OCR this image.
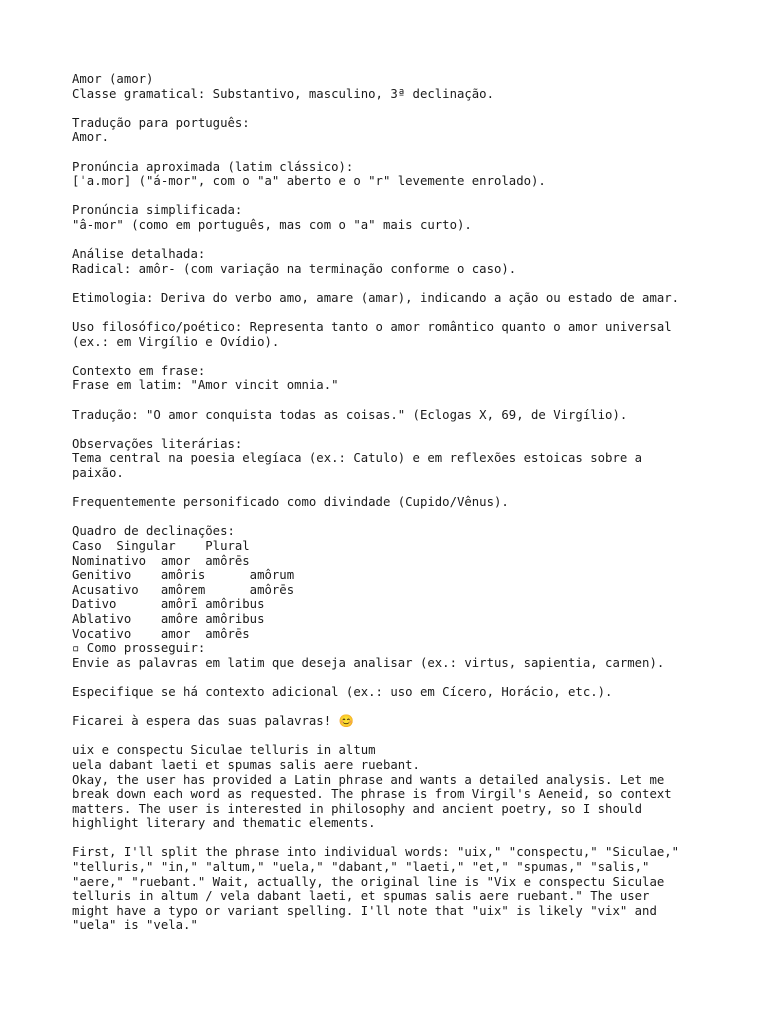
Amor (amor)
Classe gramatical: Substantivo, masculino, 3ª declinação.
Tradução para português:
Amor.
Pronúncia aproximada (latim clássico):
[ˈa.mor] ("á-mor", com o "a" aberto e o "r" levemente enrolado).
Pronúncia simplificada:
"â-mor" (como em português, mas com o "a" mais curto).
Análise detalhada:
Radical: amôr- (com variação na terminação conforme o caso).
Etimologia: Deriva do verbo amo, amare (amar), indicando a ação ou estado de amar.
Uso filosófico/poético: Representa tanto o amor romântico quanto o amor universal
(ex.: em Virgílio e Ovídio).
Contexto em frase:
Frase em latim: "Amor vincit omnia."
Tradução: "O amor conquista todas as coisas." (Eclogas X, 69, de Virgílio).
Observações literárias:
Tema central na poesia elegíaca (ex.: Catulo) e em reflexões estoicas sobre a
paixão.
Frequentemente personificado como divindade (Cupido/Vênus).
Quadro de declinações:
Caso  Singular    Plural
Nominativo  amor  amôrēs
Genitivo    amôris      amôrum
Acusativo   amôrem      amôrēs
Dativo      amôrī amôribus
Ablativo    amôre amôribus
Vocativo    amor  amôrēs
▫ Como prosseguir:
Envie as palavras em latim que deseja analisar (ex.: virtus, sapientia, carmen).
Especifique se há contexto adicional (ex.: uso em Cícero, Horácio, etc.).
Ficarei à espera das suas palavras! 😊
uix e conspectu Siculae telluris in altum
uela dabant laeti et spumas salis aere ruebant.
Okay, the user has provided a Latin phrase and wants a detailed analysis. Let me
break down each word as requested. The phrase is from Virgil's Aeneid, so context
matters. The user is interested in philosophy and ancient poetry, so I should
highlight literary and thematic elements.
First, I'll split the phrase into individual words: "uix," "conspectu," "Siculae,"
"telluris," "in," "altum," "uela," "dabant," "laeti," "et," "spumas," "salis,"
"aere," "ruebant." Wait, actually, the original line is "Vix e conspectu Siculae
telluris in altum / vela dabant laeti, et spumas salis aere ruebant." The user
might have a typo or variant spelling. I'll note that "uix" is likely "vix" and
"uela" is "vela."
